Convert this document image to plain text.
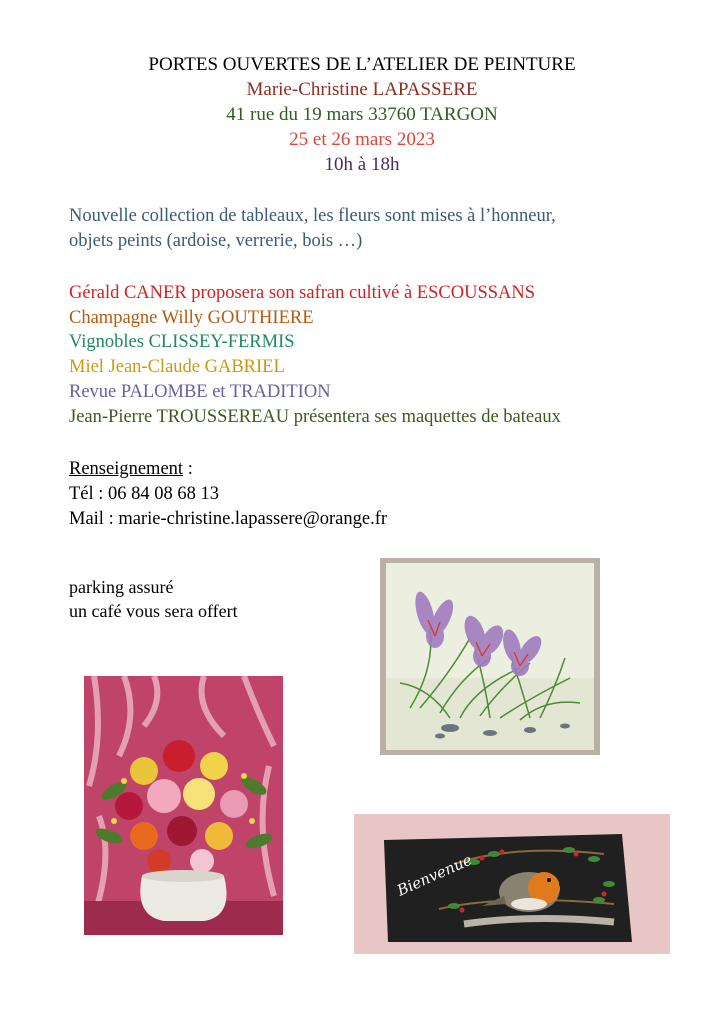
PORTES OUVERTES DE L’ATELIER DE PEINTURE
Marie-Christine LAPASSERE
41 rue du 19 mars 33760 TARGON
25 et 26 mars 2023
10h à 18h
Nouvelle collection de tableaux, les fleurs sont mises à l’honneur,
objets peints (ardoise, verrerie, bois …)
Gérald CANER proposera son safran cultivé à ESCOUSSANS
Champagne Willy GOUTHIERE
Vignobles CLISSEY-FERMIS
Miel Jean-Claude GABRIEL
Revue PALOMBE et TRADITION
Jean-Pierre TROUSSEREAU présentera ses maquettes de bateaux
Renseignement :
Tél : 06 84 08 68 13
Mail : marie-christine.lapassere@orange.fr
parking assuré
un café vous sera offert
Bienvenue
